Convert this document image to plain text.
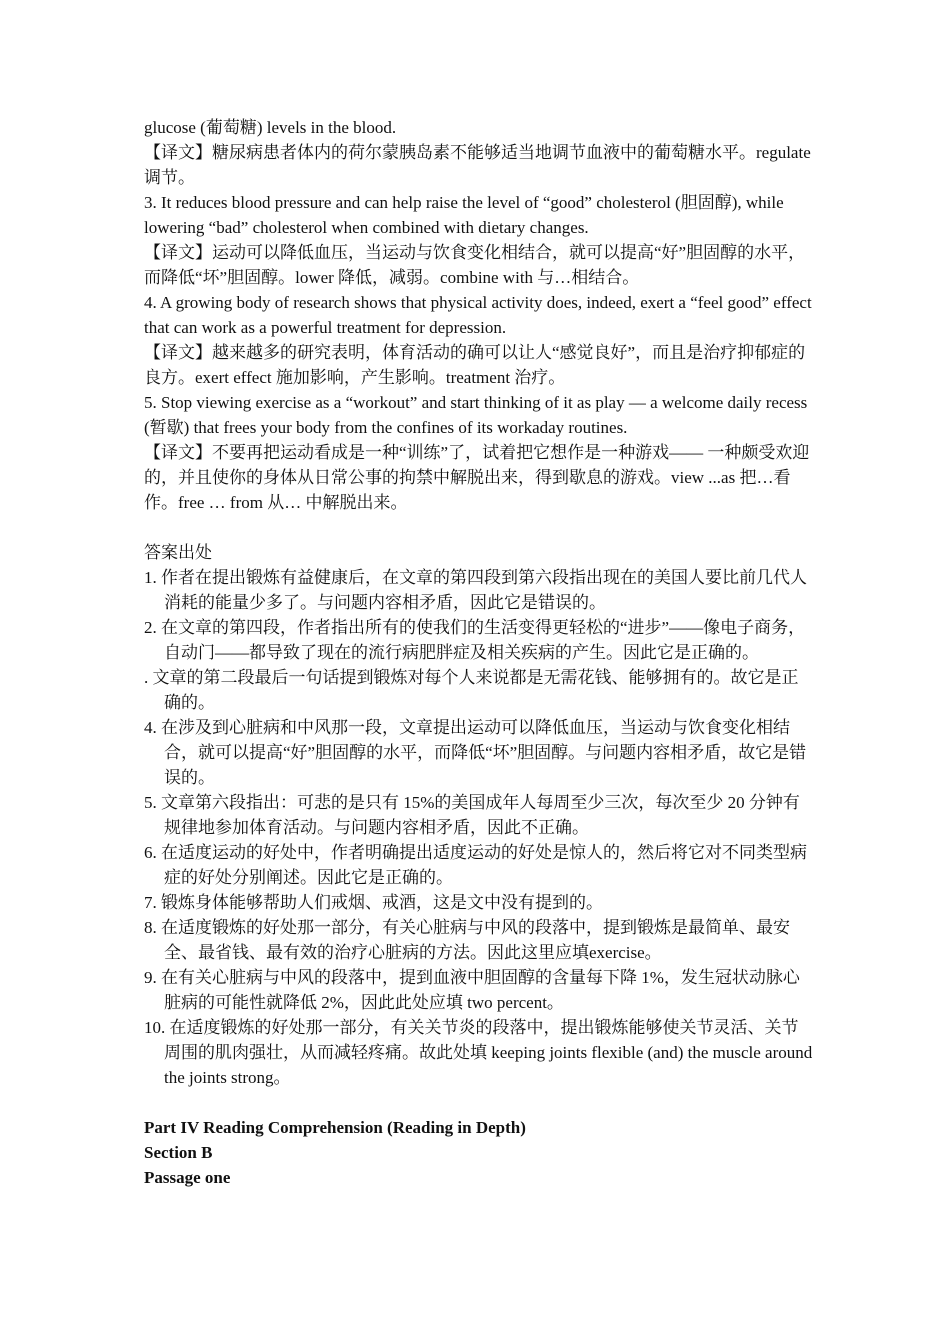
glucose (葡萄糖) levels in the blood.

【译文】糖尿病患者体内的荷尔蒙胰岛素不能够适当地调节血液中的葡萄糖水平。regulate 调节。

3. It reduces blood pressure and can help raise the level of “good” cholesterol (胆固醇), while lowering “bad” cholesterol when combined with dietary changes.

【译文】运动可以降低血压，当运动与饮食变化相结合，就可以提高“好”胆固醇的水平，而降低“坏”胆固醇。lower 降低，减弱。combine with 与…相结合。

4. A growing body of research shows that physical activity does, indeed, exert a “feel good” effect that can work as a powerful treatment for depression.

【译文】越来越多的研究表明，体育活动的确可以让人“感觉良好”，而且是治疗抑郁症的良方。exert effect 施加影响，产生影响。treatment 治疗。

5. Stop viewing exercise as a “workout” and start thinking of it as play — a welcome daily recess (暂歇) that frees your body from the confines of its workaday routines.

【译文】不要再把运动看成是一种“训练”了，试着把它想作是一种游戏—— 一种颇受欢迎的，并且使你的身体从日常公事的拘禁中解脱出来，得到歇息的游戏。view ...as 把…看作。free … from 从… 中解脱出来。

答案出处

1. 作者在提出锻炼有益健康后，在文章的第四段到第六段指出现在的美国人要比前几代人消耗的能量少多了。与问题内容相矛盾，因此它是错误的。

2. 在文章的第四段，作者指出所有的使我们的生活变得更轻松的“进步”——像电子商务，自动门——都导致了现在的流行病肥胖症及相关疾病的产生。因此它是正确的。

. 文章的第二段最后一句话提到锻炼对每个人来说都是无需花钱、能够拥有的。故它是正确的。

4. 在涉及到心脏病和中风那一段，文章提出运动可以降低血压，当运动与饮食变化相结合，就可以提高“好”胆固醇的水平，而降低“坏”胆固醇。与问题内容相矛盾，故它是错误的。

5. 文章第六段指出：可悲的是只有 15%的美国成年人每周至少三次，每次至少 20 分钟有规律地参加体育活动。与问题内容相矛盾，因此不正确。

6. 在适度运动的好处中，作者明确提出适度运动的好处是惊人的，然后将它对不同类型病症的好处分别阐述。因此它是正确的。

7. 锻炼身体能够帮助人们戒烟、戒酒，这是文中没有提到的。

8. 在适度锻炼的好处那一部分，有关心脏病与中风的段落中，提到锻炼是最简单、最安全、最省钱、最有效的治疗心脏病的方法。因此这里应填exercise。

9. 在有关心脏病与中风的段落中，提到血液中胆固醇的含量每下降 1%，发生冠状动脉心脏病的可能性就降低 2%，因此此处应填 two percent。

10. 在适度锻炼的好处那一部分，有关关节炎的段落中，提出锻炼能够使关节灵活、关节周围的肌肉强壮，从而减轻疼痛。故此处填 keeping joints flexible (and) the muscle around the joints strong。

Part IV Reading Comprehension (Reading in Depth)

Section B

Passage one
